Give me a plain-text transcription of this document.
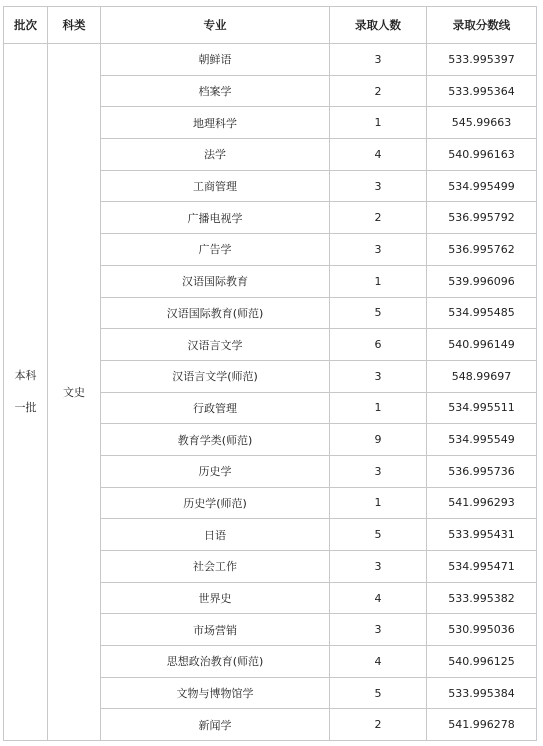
批次	科类	专业	录取人数	录取分数线

本科
一批	文史	朝鲜语	3	533.995397
		档案学	2	533.995364
		地理科学	1	545.99663
		法学	4	540.996163
		工商管理	3	534.995499
		广播电视学	2	536.995792
		广告学	3	536.995762
		汉语国际教育	1	539.996096
		汉语国际教育(师范)	5	534.995485
		汉语言文学	6	540.996149
		汉语言文学(师范)	3	548.99697
		行政管理	1	534.995511
		教育学类(师范)	9	534.995549
		历史学	3	536.995736
		历史学(师范)	1	541.996293
		日语	5	533.995431
		社会工作	3	534.995471
		世界史	4	533.995382
		市场营销	3	530.995036
		思想政治教育(师范)	4	540.996125
		文物与博物馆学	5	533.995384
		新闻学	2	541.996278
